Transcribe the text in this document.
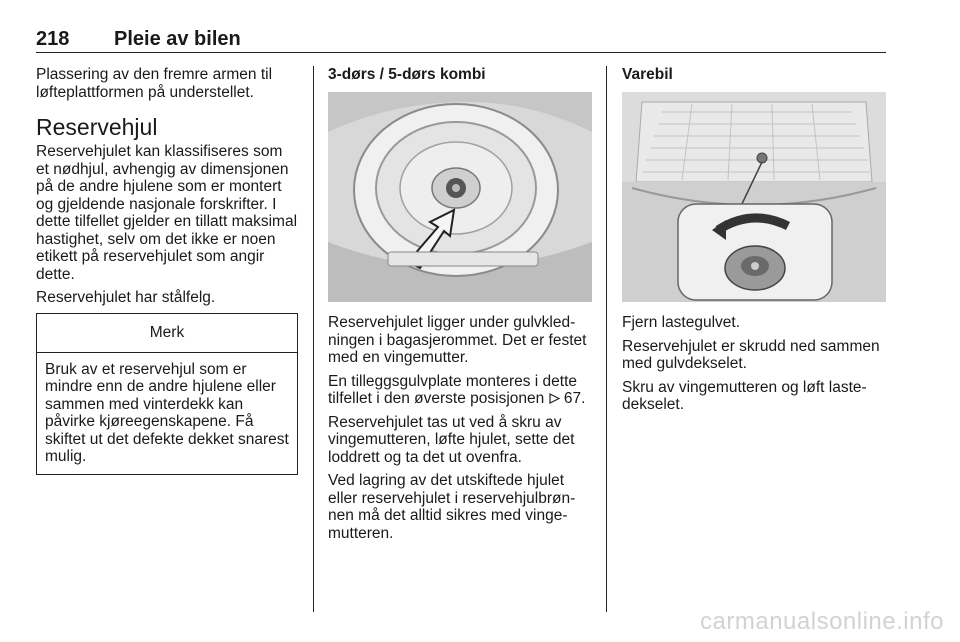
218 Pleie av bilen

Plassering av den fremre armen til løfteplattformen på understellet.

Reservehjul

Reservehjulet kan klassifiseres som et nødhjul, avhengig av dimensjonen på de andre hjulene som er montert og gjeldende nasjonale forskrifter. I dette tilfellet gjelder en tillatt maksimal hastighet, selv om det ikke er noen etikett på reservehjulet som angir dette.

Reservehjulet har stålfelg.

Merk
Bruk av et reservehjul som er mindre enn de andre hjulene eller sammen med vinterdekk kan påvirke kjøreegenskapene. Få skiftet ut det defekte dekket snarest mulig.
3-dørs / 5-dørs kombi

Reservehjulet ligger under gulvkled-ningen i bagasjerommet. Det er festet med en vingemutter.

En tilleggsgulvplate monteres i dette tilfellet i den øverste posisjonen  67.

Reservehjulet tas ut ved å skru av vingemutteren, løfte hjulet, sette det loddrett og ta det ut ovenfra.

Ved lagring av det utskiftede hjulet eller reservehjulet i reservehjulbrøn-nen må det alltid sikres med vinge-mutteren.

Varebil

Fjern lastegulvet.

Reservehjulet er skrudd ned sammen med gulvdekselet.

Skru av vingemutteren og løft laste-dekselet.

carmanualsonline.info
